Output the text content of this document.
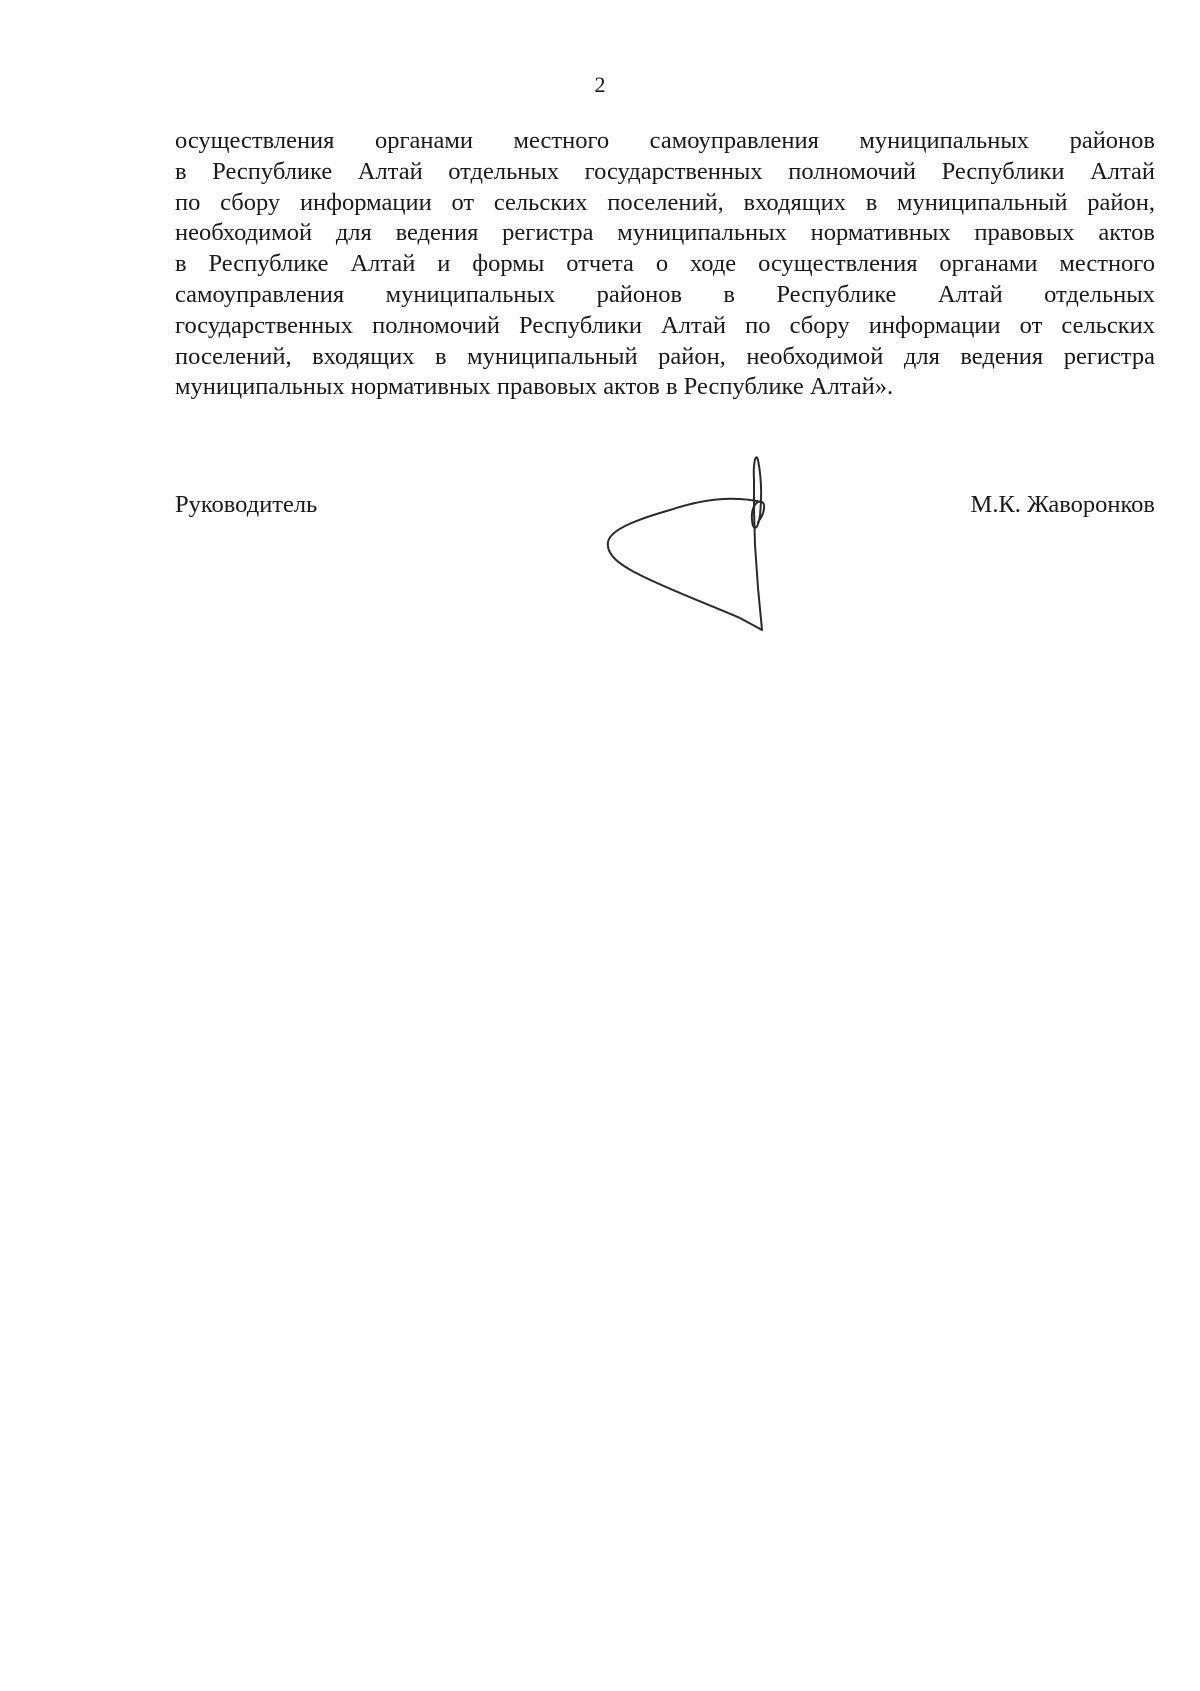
2
осуществления органами местного самоуправления муниципальных районов
в Республике Алтай отдельных государственных полномочий Республики Алтай
по сбору информации от сельских поселений, входящих в муниципальный район,
необходимой для ведения регистра муниципальных нормативных правовых актов
в Республике Алтай и формы отчета о ходе осуществления органами местного
самоуправления муниципальных районов в Республике Алтай отдельных
государственных полномочий Республики Алтай по сбору информации от сельских
поселений, входящих в муниципальный район, необходимой для ведения регистра
муниципальных нормативных правовых актов в Республике Алтай».
Руководитель	М.К. Жаворонков
